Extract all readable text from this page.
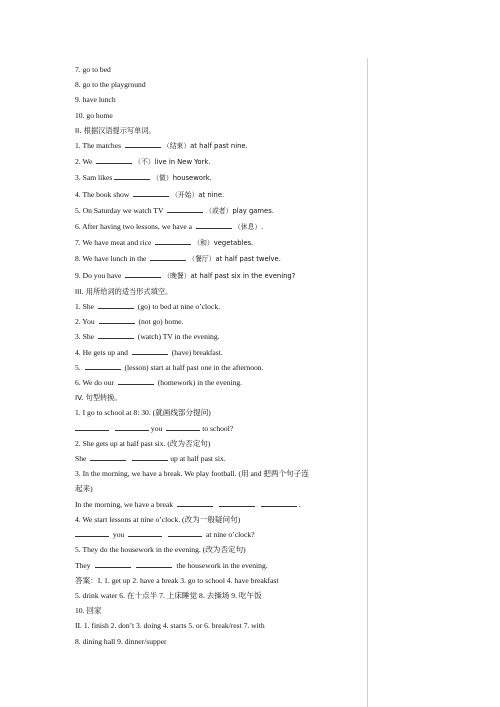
7. go to bed
8. go to the playground
9. have lunch
10. go home
II. 根据汉语提示写单词。
1. The matches	（结束）at half past nine.
2. We	（不）live in New York.
3. Sam likes	（做）housework.
4. The book show	（开始）at nine.
5. On Saturday we watch TV	（或者）play games.
6. After having two lessons, we have a	（休息）.
7. We have meat and rice	（和）vegetables.
8. We have lunch in the	（餐厅）at half past twelve.
9. Do you have	（晚餐）at half past six in the evening?
III. 用所给词的适当形式填空。
1. She	(go) to bed at nine o’clock.
2. You	(not go) home.
3. She	(watch) TV in the evening.
4. He gets up and	(have) breakfast.
5.	(lesson) start at half past one in the afternoon.
6. We do our	(homework) in the evening.
IV. 句型转换。
1. I go to school at 8: 30. (就画线部分提问)
you	to school?
2. She gets up at half past six. (改为否定句)
She	up at half past six.
3. In the morning, we have a break. We play football. (用 and 把两个句子连
起来)
In the morning, we have a break	.
4. We start lessons at nine o’clock. (改为一般疑问句)
you	at nine o’clock?
5. They do the housework in the evening. (改为否定句)
They	the housework in the evening.
答案：I. 1. get up 2. have a break 3. go to school 4. have breakfast
5. drink water 6. 在十点半 7. 上床睡觉 8. 去操场 9. 吃午饭
10. 回家
II. 1. finish 2. don’t 3. doing 4. starts 5. or 6. break/rest 7. with
8. dining hall 9. dinner/supper
